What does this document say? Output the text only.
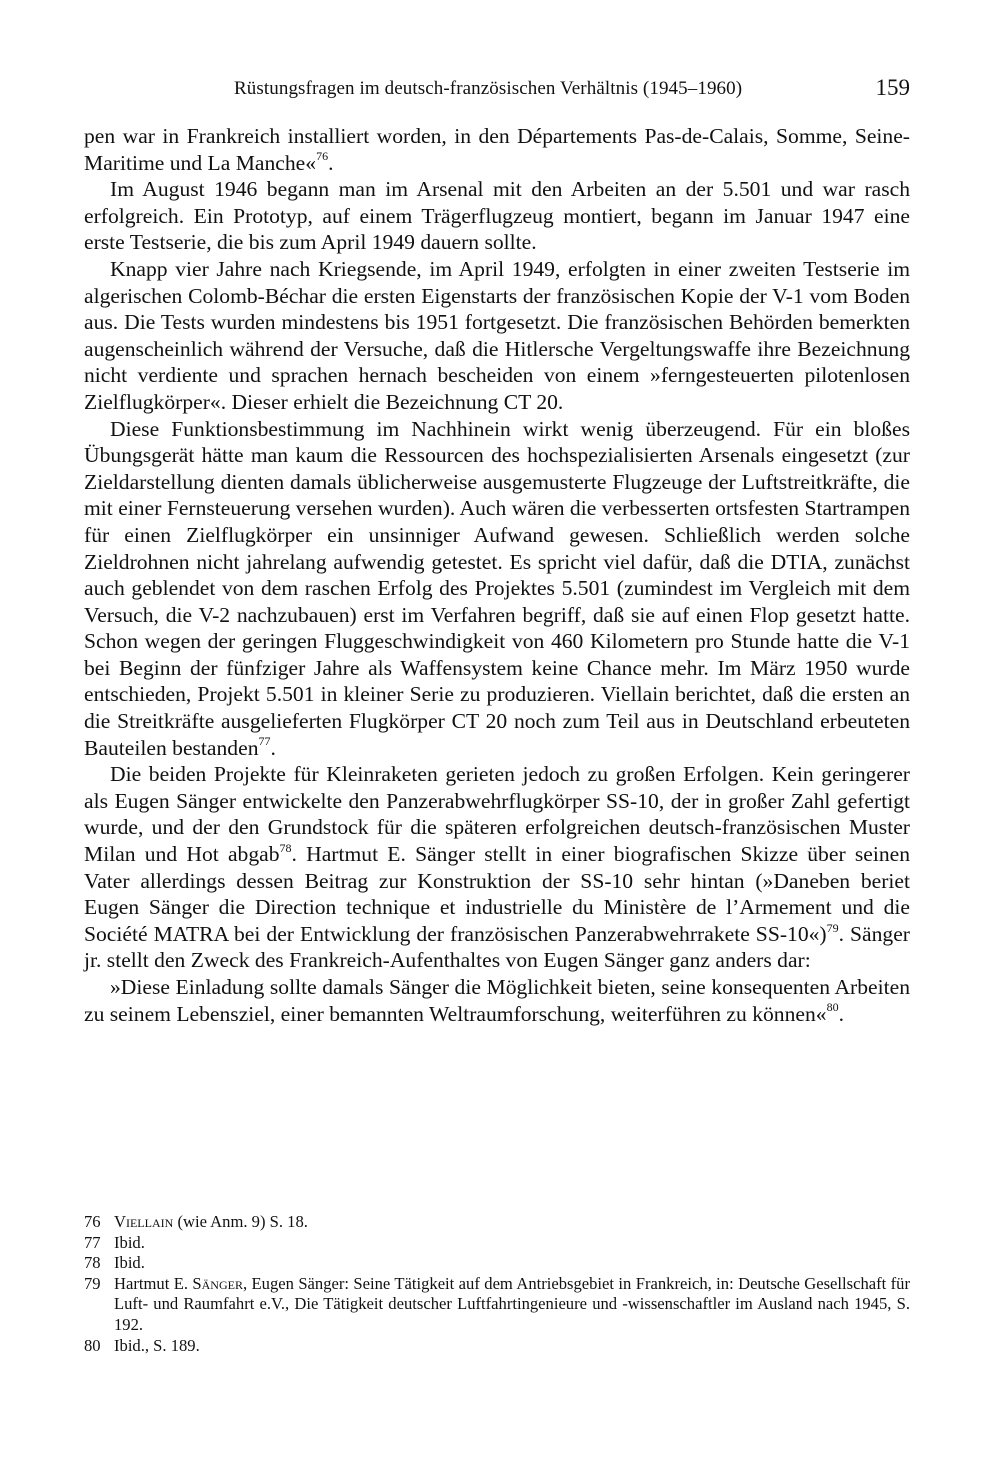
Rüstungsfragen im deutsch-französischen Verhältnis (1945–1960)	159

pen war in Frankreich installiert worden, in den Départements Pas-de-Calais, Somme, Seine-Maritime und La Manche«$^{76}$.

Im August 1946 begann man im Arsenal mit den Arbeiten an der 5.501 und war rasch erfolgreich. Ein Prototyp, auf einem Trägerflugzeug montiert, begann im Januar 1947 eine erste Testserie, die bis zum April 1949 dauern sollte.

Knapp vier Jahre nach Kriegsende, im April 1949, erfolgten in einer zweiten Testserie im algerischen Colomb-Béchar die ersten Eigenstarts der französischen Kopie der V-1 vom Boden aus. Die Tests wurden mindestens bis 1951 fortgesetzt. Die französischen Behörden bemerkten augenscheinlich während der Versuche, daß die Hitlersche Vergeltungswaffe ihre Bezeichnung nicht verdiente und sprachen hernach bescheiden von einem »ferngesteuerten pilotenlosen Zielflugkörper«. Dieser erhielt die Bezeichnung CT 20.

Diese Funktionsbestimmung im Nachhinein wirkt wenig überzeugend. Für ein bloßes Übungsgerät hätte man kaum die Ressourcen des hochspezialisierten Arsenals eingesetzt (zur Zieldarstellung dienten damals üblicherweise ausgemusterte Flugzeuge der Luftstreitkräfte, die mit einer Fernsteuerung versehen wurden). Auch wären die verbesserten ortsfesten Startrampen für einen Zielflugkörper ein unsinniger Aufwand gewesen. Schließlich werden solche Zieldrohnen nicht jahrelang aufwendig getestet. Es spricht viel dafür, daß die DTIA, zunächst auch geblendet von dem raschen Erfolg des Projektes 5.501 (zumindest im Vergleich mit dem Versuch, die V-2 nachzubauen) erst im Verfahren begriff, daß sie auf einen Flop gesetzt hatte. Schon wegen der geringen Fluggeschwindigkeit von 460 Kilometern pro Stunde hatte die V-1 bei Beginn der fünfziger Jahre als Waffensystem keine Chance mehr. Im März 1950 wurde entschieden, Projekt 5.501 in kleiner Serie zu produzieren. Viellain berichtet, daß die ersten an die Streitkräfte ausgelieferten Flugkörper CT 20 noch zum Teil aus in Deutschland erbeuteten Bauteilen bestanden$^{77}$.

Die beiden Projekte für Kleinraketen gerieten jedoch zu großen Erfolgen. Kein geringerer als Eugen Sänger entwickelte den Panzerabwehrflugkörper SS-10, der in großer Zahl gefertigt wurde, und der den Grundstock für die späteren erfolgreichen deutsch-französischen Muster Milan und Hot abgab$^{78}$. Hartmut E. Sänger stellt in einer biografischen Skizze über seinen Vater allerdings dessen Beitrag zur Konstruktion der SS-10 sehr hintan (»Daneben beriet Eugen Sänger die Direction technique et industrielle du Ministère de l’Armement und die Société MATRA bei der Entwicklung der französischen Panzerabwehrrakete SS-10«)$^{79}$. Sänger jr. stellt den Zweck des Frankreich-Aufenthaltes von Eugen Sänger ganz anders dar:

»Diese Einladung sollte damals Sänger die Möglichkeit bieten, seine konsequenten Arbeiten zu seinem Lebensziel, einer bemannten Weltraumforschung, weiterführen zu können«$^{80}$.

76 Viellain (wie Anm. 9) S. 18.

77 Ibid.

78 Ibid.

79 Hartmut E. Sänger, Eugen Sänger: Seine Tätigkeit auf dem Antriebsgebiet in Frankreich, in: Deutsche Gesellschaft für Luft- und Raumfahrt e.V., Die Tätigkeit deutscher Luftfahrtingenieure und -wissenschaftler im Ausland nach 1945, S. 192.

80 Ibid., S. 189.
